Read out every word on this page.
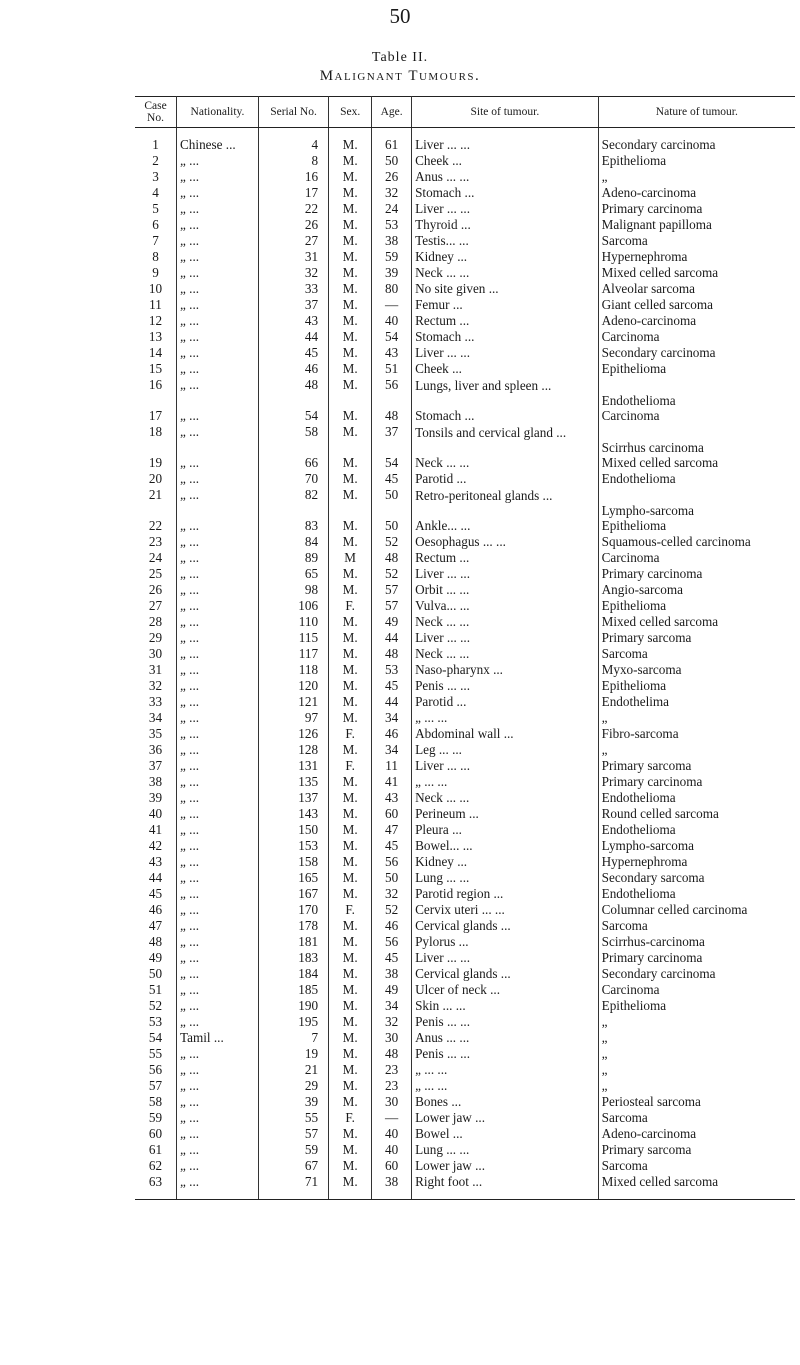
50
Table II.
Malignant Tumours.
Case No.	Nationality.	Serial No.	Sex.	Age.	Site of tumour.	Nature of tumour.
1	Chinese ...	4	M.	61	Liver ... ...	Secondary carcinoma
2	„ ...	8	M.	50	Cheek ...	Epithelioma
3	„ ...	16	M.	26	Anus ... ...	„
4	„ ...	17	M.	32	Stomach ...	Adeno-carcinoma
5	„ ...	22	M.	24	Liver ... ...	Primary carcinoma
6	„ ...	26	M.	53	Thyroid ...	Malignant papilloma
7	„ ...	27	M.	38	Testis... ...	Sarcoma
8	„ ...	31	M.	59	Kidney ...	Hypernephroma
9	„ ...	32	M.	39	Neck ... ...	Mixed celled sarcoma
10	„ ...	33	M.	80	No site given ...	Alveolar sarcoma
11	„ ...	37	M.	—	Femur ...	Giant celled sarcoma
12	„ ...	43	M.	40	Rectum ...	Adeno-carcinoma
13	„ ...	44	M.	54	Stomach ...	Carcinoma
14	„ ...	45	M.	43	Liver ... ...	Secondary carcinoma
15	„ ...	46	M.	51	Cheek ...	Epithelioma
16	„ ...	48	M.	56	Lungs, liver and spleen ...	Endothelioma
17	„ ...	54	M.	48	Stomach ...	Carcinoma
18	„ ...	58	M.	37	Tonsils and cervical gland ...	Scirrhus carcinoma
19	„ ...	66	M.	54	Neck ... ...	Mixed celled sarcoma
20	„ ...	70	M.	45	Parotid ...	Endothelioma
21	„ ...	82	M.	50	Retro-peritoneal glands ...	Lympho-sarcoma
22	„ ...	83	M.	50	Ankle... ...	Epithelioma
23	„ ...	84	M.	52	Oesophagus ... ...	Squamous-celled carcinoma
24	„ ...	89	M	48	Rectum ...	Carcinoma
25	„ ...	65	M.	52	Liver ... ...	Primary carcinoma
26	„ ...	98	M.	57	Orbit ... ...	Angio-sarcoma
27	„ ...	106	F.	57	Vulva... ...	Epithelioma
28	„ ...	110	M.	49	Neck ... ...	Mixed celled sarcoma
29	„ ...	115	M.	44	Liver ... ...	Primary sarcoma
30	„ ...	117	M.	48	Neck ... ...	Sarcoma
31	„ ...	118	M.	53	Naso-pharynx ...	Myxo-sarcoma
32	„ ...	120	M.	45	Penis ... ...	Epithelioma
33	„ ...	121	M.	44	Parotid ...	Endothelima
34	„ ...	97	M.	34	„ ... ...	„
35	„ ...	126	F.	46	Abdominal wall ...	Fibro-sarcoma
36	„ ...	128	M.	34	Leg ... ...	„
37	„ ...	131	F.	11	Liver ... ...	Primary sarcoma
38	„ ...	135	M.	41	„ ... ...	Primary carcinoma
39	„ ...	137	M.	43	Neck ... ...	Endothelioma
40	„ ...	143	M.	60	Perineum ...	Round celled sarcoma
41	„ ...	150	M.	47	Pleura ...	Endothelioma
42	„ ...	153	M.	45	Bowel... ...	Lympho-sarcoma
43	„ ...	158	M.	56	Kidney ...	Hypernephroma
44	„ ...	165	M.	50	Lung ... ...	Secondary sarcoma
45	„ ...	167	M.	32	Parotid region ...	Endothelioma
46	„ ...	170	F.	52	Cervix uteri ... ...	Columnar celled carcinoma
47	„ ...	178	M.	46	Cervical glands ...	Sarcoma
48	„ ...	181	M.	56	Pylorus ...	Scirrhus-carcinoma
49	„ ...	183	M.	45	Liver ... ...	Primary carcinoma
50	„ ...	184	M.	38	Cervical glands ...	Secondary carcinoma
51	„ ...	185	M.	49	Ulcer of neck ...	Carcinoma
52	„ ...	190	M.	34	Skin ... ...	Epithelioma
53	„ ...	195	M.	32	Penis ... ...	„
54	Tamil ...	7	M.	30	Anus ... ...	„
55	„ ...	19	M.	48	Penis ... ...	„
56	„ ...	21	M.	23	„ ... ...	„
57	„ ...	29	M.	23	„ ... ...	„
58	„ ...	39	M.	30	Bones ...	Periosteal sarcoma
59	„ ...	55	F.	—	Lower jaw ...	Sarcoma
60	„ ...	57	M.	40	Bowel ...	Adeno-carcinoma
61	„ ...	59	M.	40	Lung ... ...	Primary sarcoma
62	„ ...	67	M.	60	Lower jaw ...	Sarcoma
63	„ ...	71	M.	38	Right foot ...	Mixed celled sarcoma
